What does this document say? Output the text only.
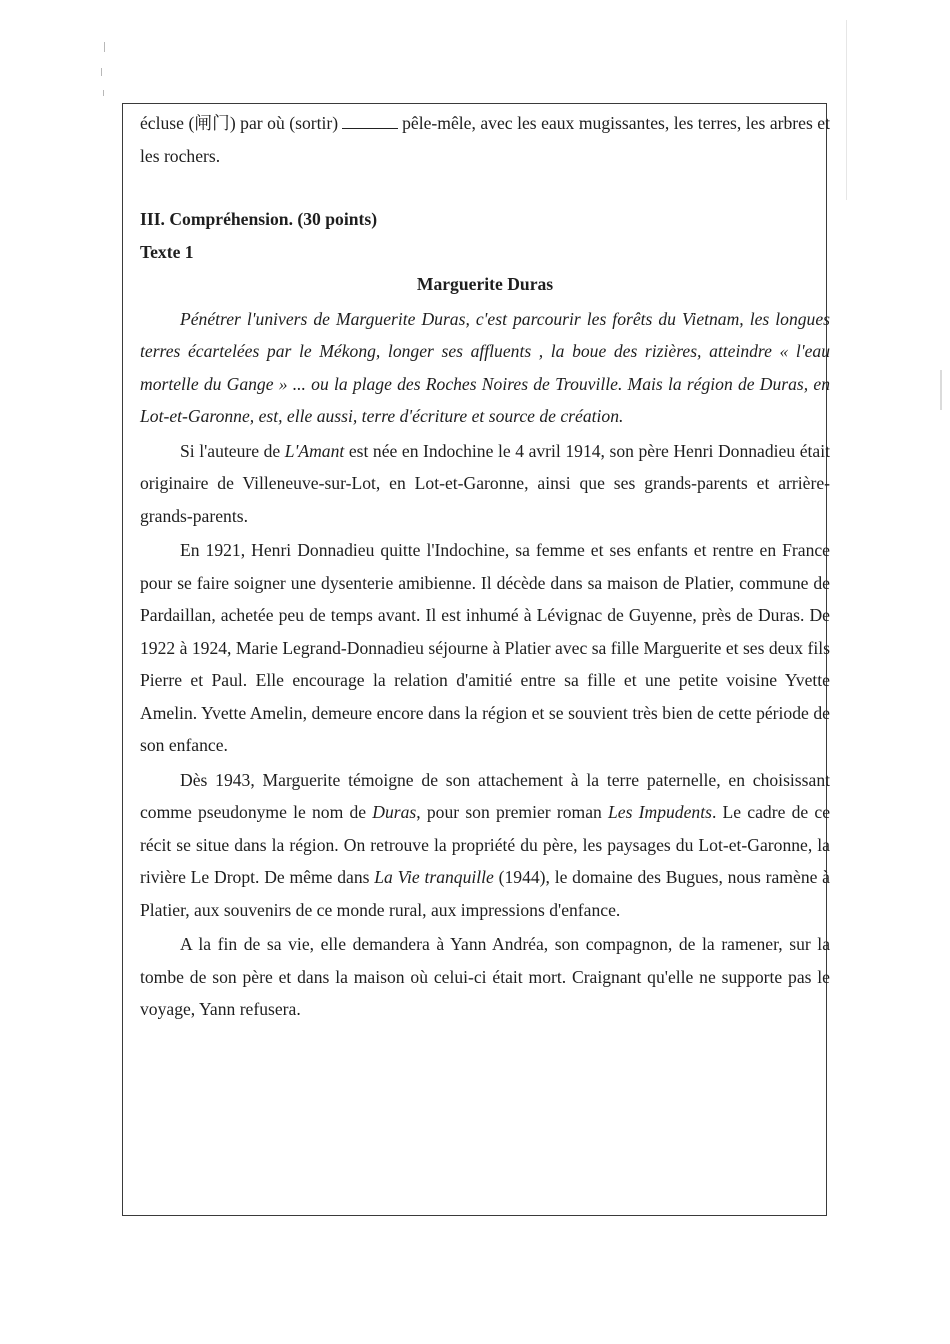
écluse (闸门) par où (sortir)	pêle-mêle, avec les eaux mugissantes, les terres, les arbres et les rochers.

III. Compréhension. (30 points)

Texte 1

Marguerite Duras

Pénétrer l'univers de Marguerite Duras, c'est parcourir les forêts du Vietnam, les longues terres écartelées par le Mékong, longer ses affluents , la boue des rizières, atteindre « l'eau mortelle du Gange » ... ou la plage des Roches Noires de Trouville. Mais la région de Duras, en Lot-et-Garonne, est, elle aussi, terre d'écriture et source de création.

Si l'auteure de L'Amant est née en Indochine le 4 avril 1914, son père Henri Donnadieu était originaire de Villeneuve-sur-Lot, en Lot-et-Garonne, ainsi que ses grands-parents et arrière-grands-parents.

En 1921, Henri Donnadieu quitte l'Indochine, sa femme et ses enfants et rentre en France pour se faire soigner une dysenterie amibienne. Il décède dans sa maison de Platier, commune de Pardaillan, achetée peu de temps avant. Il est inhumé à Lévignac de Guyenne, près de Duras. De 1922 à 1924, Marie Legrand-Donnadieu séjourne à Platier avec sa fille Marguerite et ses deux fils Pierre et Paul. Elle encourage la relation d'amitié entre sa fille et une petite voisine Yvette Amelin. Yvette Amelin, demeure encore dans la région et se souvient très bien de cette période de son enfance.

Dès 1943, Marguerite témoigne de son attachement à la terre paternelle, en choisissant comme pseudonyme le nom de Duras, pour son premier roman Les Impudents. Le cadre de ce récit se situe dans la région. On retrouve la propriété du père, les paysages du Lot-et-Garonne, la rivière Le Dropt. De même dans La Vie tranquille (1944), le domaine des Bugues, nous ramène à Platier, aux souvenirs de ce monde rural, aux impressions d'enfance.

A la fin de sa vie, elle demandera à Yann Andréa, son compagnon, de la ramener, sur la tombe de son père et dans la maison où celui-ci était mort. Craignant qu'elle ne supporte pas le voyage, Yann refusera.
